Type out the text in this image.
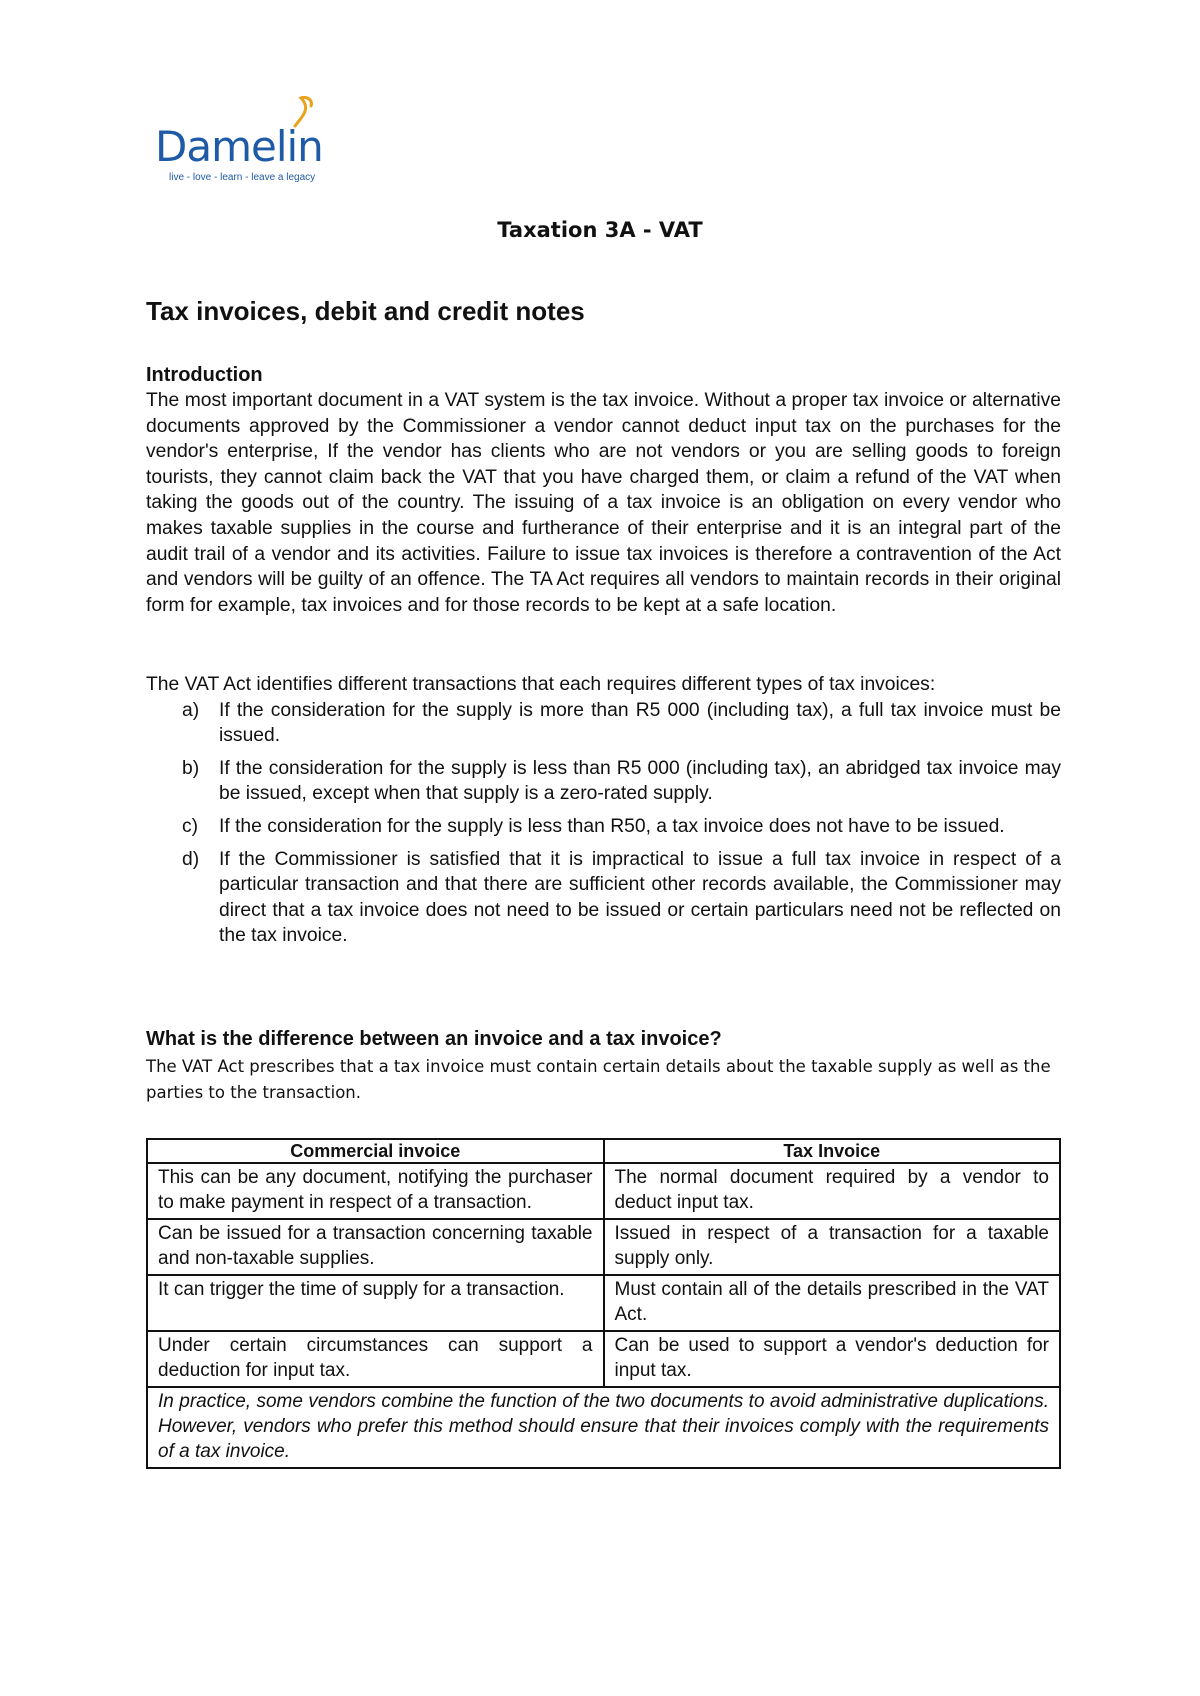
Damelin
live - love - learn - leave a legacy
Taxation 3A - VAT
Tax invoices, debit and credit notes
Introduction
The most important document in a VAT system is the tax invoice. Without a proper tax invoice or alternative documents approved by the Commissioner a vendor cannot deduct input tax on the purchases for the vendor's enterprise, If the vendor has clients who are not vendors or you are selling goods to foreign tourists, they cannot claim back the VAT that you have charged them, or claim a refund of the VAT when taking the goods out of the country. The issuing of a tax invoice is an obligation on every vendor who makes taxable supplies in the course and furtherance of their enterprise and it is an integral part of the audit trail of a vendor and its activities. Failure to issue tax invoices is therefore a contravention of the Act and vendors will be guilty of an offence. The TA Act requires all vendors to maintain records in their original form for example, tax invoices and for those records to be kept at a safe location.
The VAT Act identifies different transactions that each requires different types of tax invoices:
a) If the consideration for the supply is more than R5 000 (including tax), a full tax invoice must be issued.
b) If the consideration for the supply is less than R5 000 (including tax), an abridged tax invoice may be issued, except when that supply is a zero-rated supply.
c) If the consideration for the supply is less than R50, a tax invoice does not have to be issued.
d) If the Commissioner is satisfied that it is impractical to issue a full tax invoice in respect of a particular transaction and that there are sufficient other records available, the Commissioner may direct that a tax invoice does not need to be issued or certain particulars need not be reflected on the tax invoice.
What is the difference between an invoice and a tax invoice?
The VAT Act prescribes that a tax invoice must contain certain details about the taxable supply as well as the parties to the transaction.
Commercial invoice	Tax Invoice
This can be any document, notifying the purchaser to make payment in respect of a transaction.	The normal document required by a vendor to deduct input tax.
Can be issued for a transaction concerning taxable and non-taxable supplies.	Issued in respect of a transaction for a taxable supply only.
It can trigger the time of supply for a transaction.	Must contain all of the details prescribed in the VAT Act.
Under certain circumstances can support a deduction for input tax.	Can be used to support a vendor's deduction for input tax.
In practice, some vendors combine the function of the two documents to avoid administrative duplications. However, vendors who prefer this method should ensure that their invoices comply with the requirements of a tax invoice.	
